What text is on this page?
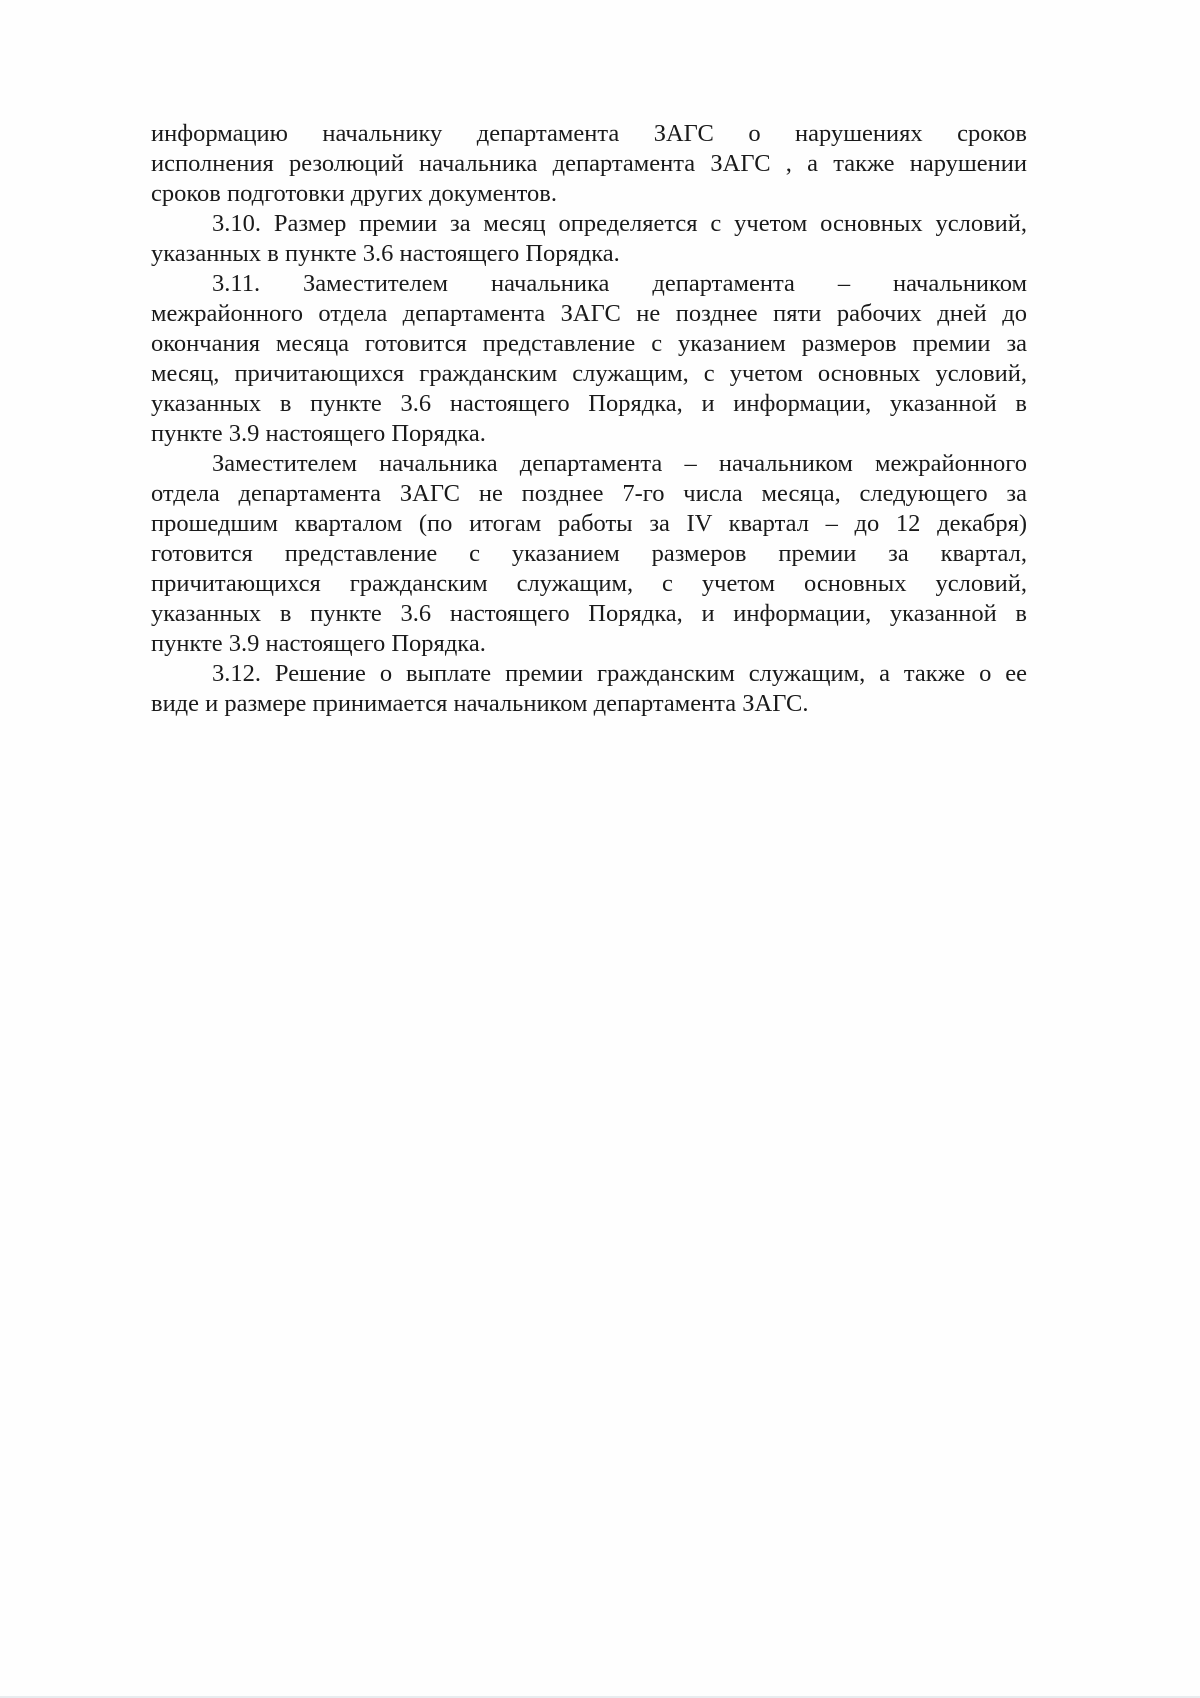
информацию начальнику департамента ЗАГС о нарушениях сроков
исполнения резолюций начальника департамента ЗАГС , а также нарушении
сроков подготовки других документов.
3.10. Размер премии за месяц определяется с учетом основных условий,
указанных в пункте 3.6 настоящего Порядка.
3.11. Заместителем начальника департамента – начальником
межрайонного отдела департамента ЗАГС не позднее пяти рабочих дней до
окончания месяца готовится представление с указанием размеров премии за
месяц, причитающихся гражданским служащим, с учетом основных условий,
указанных в пункте 3.6 настоящего Порядка, и информации, указанной в
пункте 3.9 настоящего Порядка.
Заместителем начальника департамента – начальником межрайонного
отдела департамента ЗАГС не позднее 7-го числа месяца, следующего за
прошедшим кварталом (по итогам работы за IV квартал – до 12 декабря)
готовится представление с указанием размеров премии за квартал,
причитающихся гражданским служащим, с учетом основных условий,
указанных в пункте 3.6 настоящего Порядка, и информации, указанной в
пункте 3.9 настоящего Порядка.
3.12. Решение о выплате премии гражданским служащим, а также о ее
виде и размере принимается начальником департамента ЗАГС.
